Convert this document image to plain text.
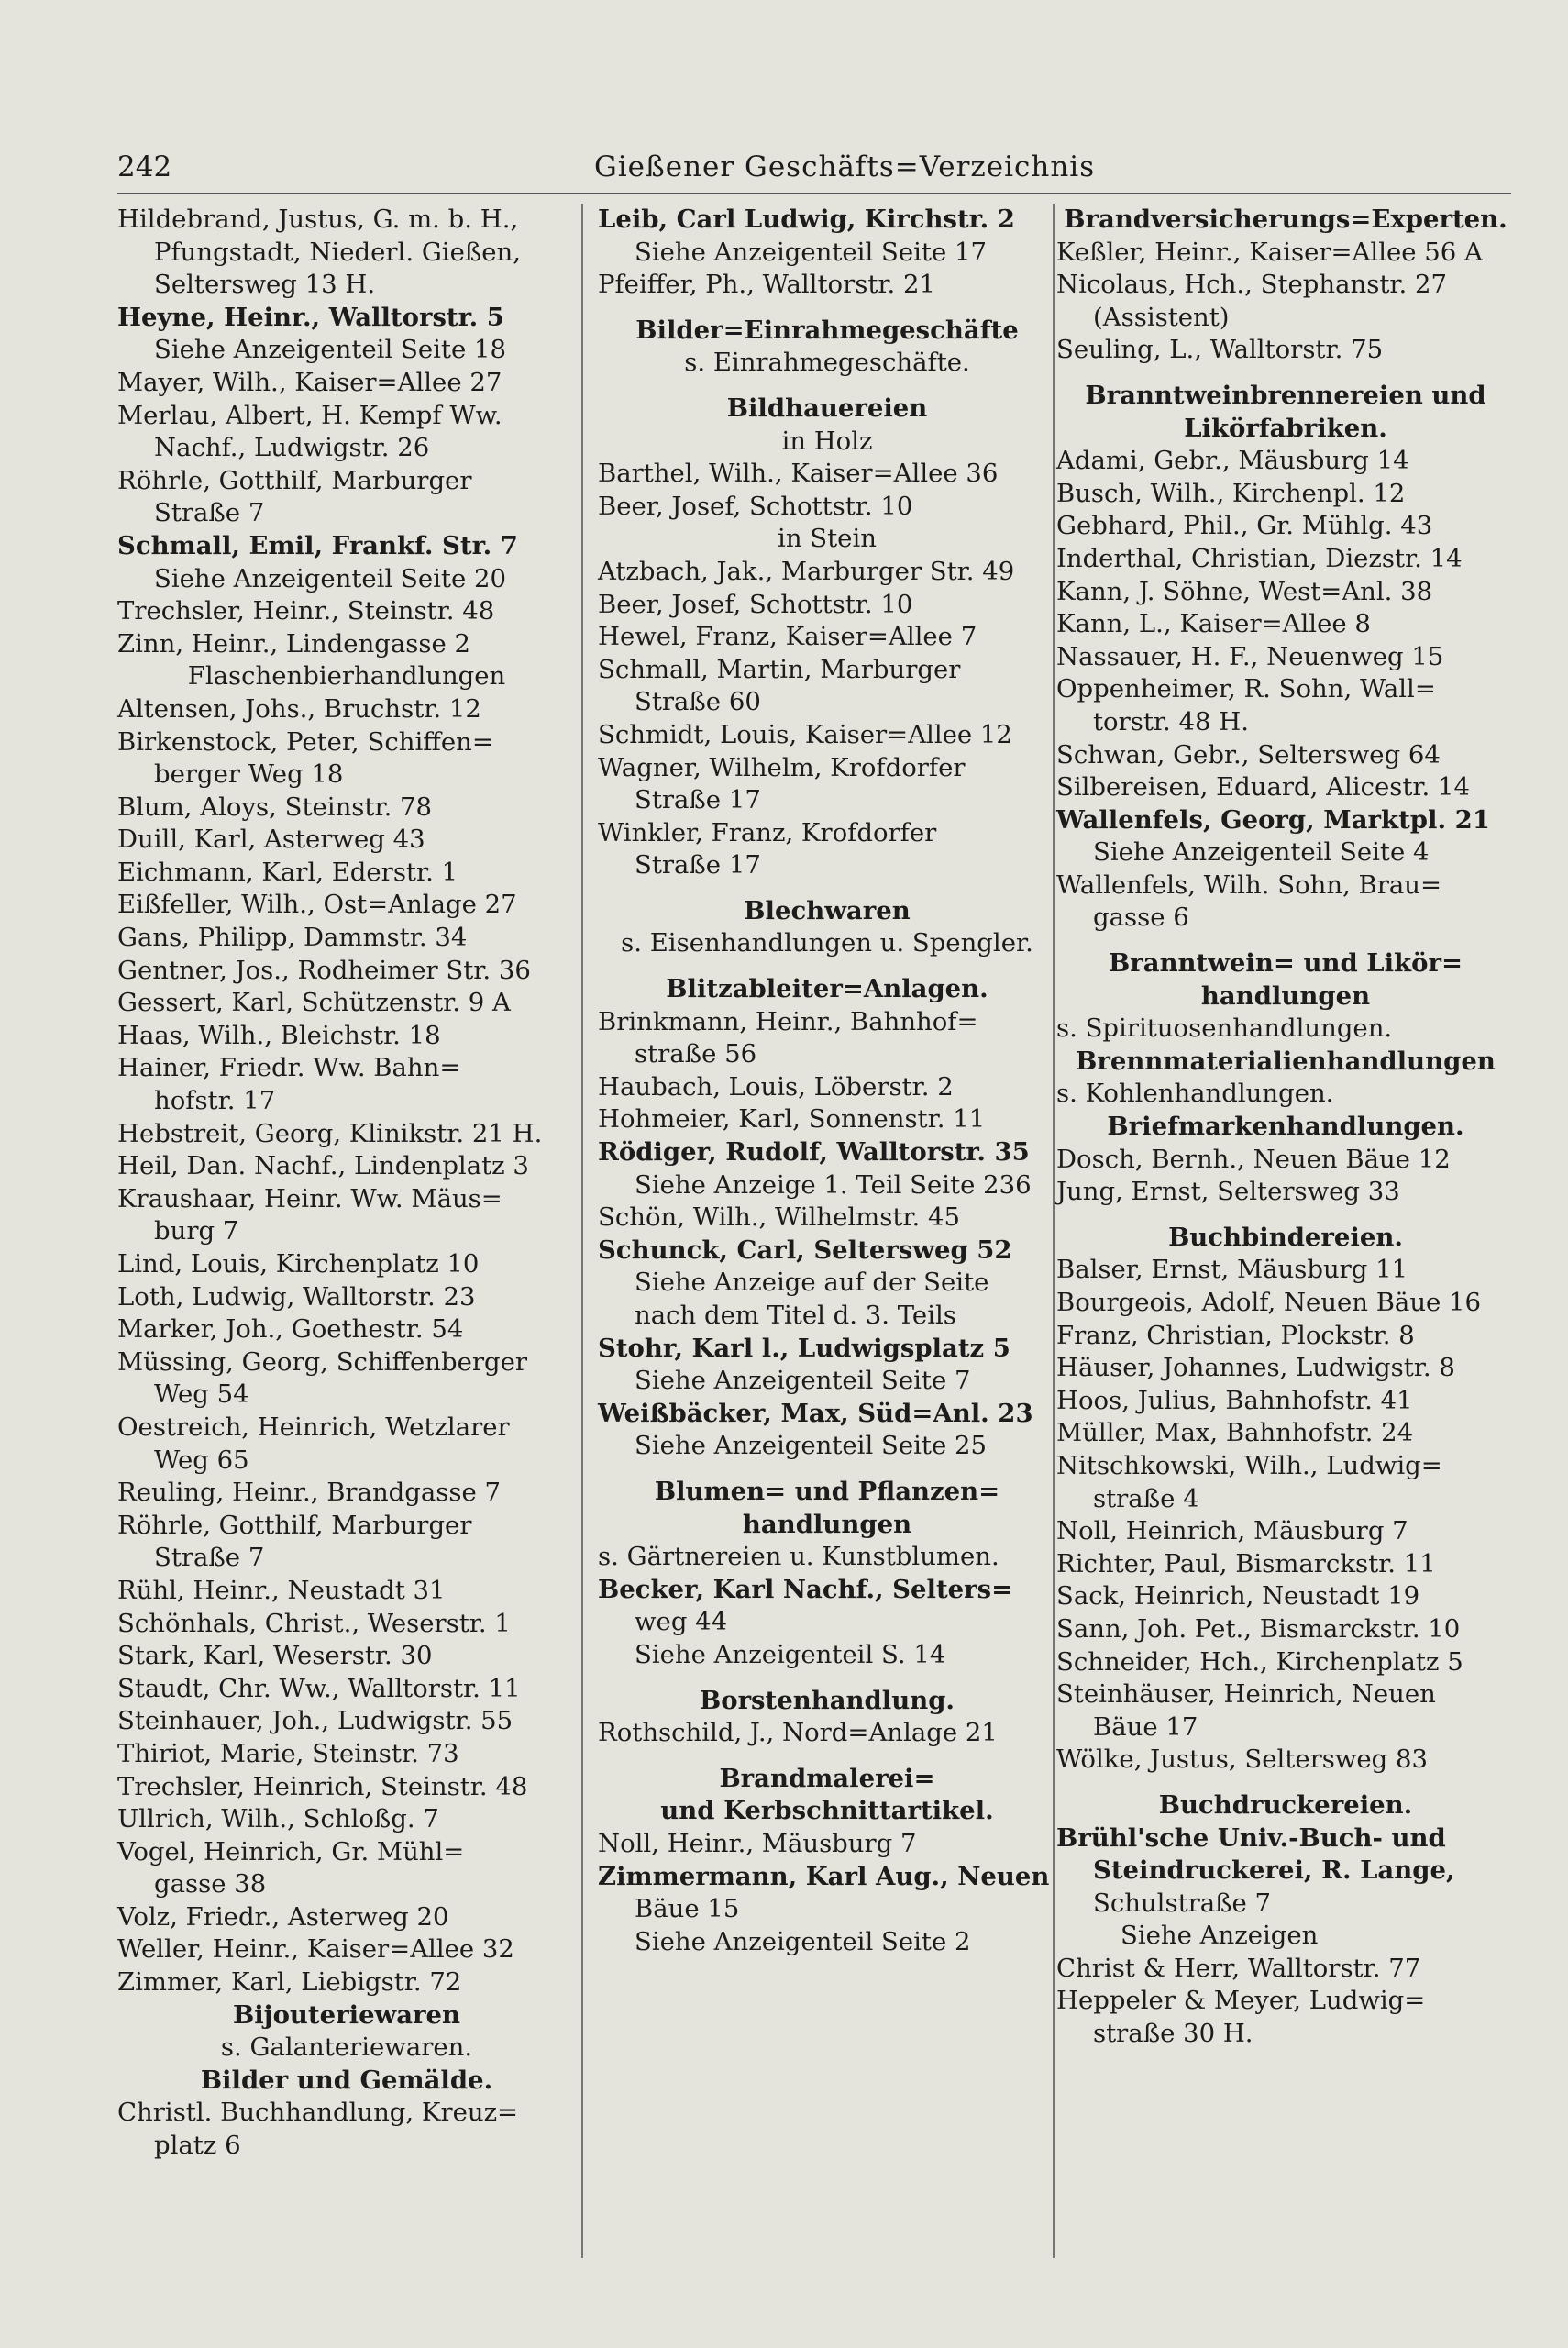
242	Gießener Geschäfts=Verzeichnis
Hildebrand, Justus, G. m. b. H.,
Pfungstadt, Niederl. Gießen,
Seltersweg 13 H.
Heyne, Heinr., Walltorstr. 5
Siehe Anzeigenteil Seite 18
Mayer, Wilh., Kaiser=Allee 27
Merlau, Albert, H. Kempf Ww.
Nachf., Ludwigstr. 26
Röhrle, Gotthilf, Marburger
Straße 7
Schmall, Emil, Frankf. Str. 7
Siehe Anzeigenteil Seite 20
Trechsler, Heinr., Steinstr. 48
Zinn, Heinr., Lindengasse 2
Flaschenbierhandlungen
Altensen, Johs., Bruchstr. 12
Birkenstock, Peter, Schiffen=
berger Weg 18
Blum, Aloys, Steinstr. 78
Duill, Karl, Asterweg 43
Eichmann, Karl, Ederstr. 1
Eißfeller, Wilh., Ost=Anlage 27
Gans, Philipp, Dammstr. 34
Gentner, Jos., Rodheimer Str. 36
Gessert, Karl, Schützenstr. 9 A
Haas, Wilh., Bleichstr. 18
Hainer, Friedr. Ww. Bahn=
hofstr. 17
Hebstreit, Georg, Klinikstr. 21 H.
Heil, Dan. Nachf., Lindenplatz 3
Kraushaar, Heinr. Ww. Mäus=
burg 7
Lind, Louis, Kirchenplatz 10
Loth, Ludwig, Walltorstr. 23
Marker, Joh., Goethestr. 54
Müssing, Georg, Schiffenberger
Weg 54
Oestreich, Heinrich, Wetzlarer
Weg 65
Reuling, Heinr., Brandgasse 7
Röhrle, Gotthilf, Marburger
Straße 7
Rühl, Heinr., Neustadt 31
Schönhals, Christ., Weserstr. 1
Stark, Karl, Weserstr. 30
Staudt, Chr. Ww., Walltorstr. 11
Steinhauer, Joh., Ludwigstr. 55
Thiriot, Marie, Steinstr. 73
Trechsler, Heinrich, Steinstr. 48
Ullrich, Wilh., Schloßg. 7
Vogel, Heinrich, Gr. Mühl=
gasse 38
Volz, Friedr., Asterweg 20
Weller, Heinr., Kaiser=Allee 32
Zimmer, Karl, Liebigstr. 72
Bijouteriewaren
s. Galanteriewaren.
Bilder und Gemälde.
Christl. Buchhandlung, Kreuz=
platz 6
Leib, Carl Ludwig, Kirchstr. 2
Siehe Anzeigenteil Seite 17
Pfeiffer, Ph., Walltorstr. 21
Bilder=Einrahmegeschäfte
s. Einrahmegeschäfte.
Bildhauereien
in Holz
Barthel, Wilh., Kaiser=Allee 36
Beer, Josef, Schottstr. 10
in Stein
Atzbach, Jak., Marburger Str. 49
Beer, Josef, Schottstr. 10
Hewel, Franz, Kaiser=Allee 7
Schmall, Martin, Marburger
Straße 60
Schmidt, Louis, Kaiser=Allee 12
Wagner, Wilhelm, Krofdorfer
Straße 17
Winkler, Franz, Krofdorfer
Straße 17
Blechwaren
s. Eisenhandlungen u. Spengler.
Blitzableiter=Anlagen.
Brinkmann, Heinr., Bahnhof=
straße 56
Haubach, Louis, Löberstr. 2
Hohmeier, Karl, Sonnenstr. 11
Rödiger, Rudolf, Walltorstr. 35
Siehe Anzeige 1. Teil Seite 236
Schön, Wilh., Wilhelmstr. 45
Schunck, Carl, Seltersweg 52
Siehe Anzeige auf der Seite
nach dem Titel d. 3. Teils
Stohr, Karl l., Ludwigsplatz 5
Siehe Anzeigenteil Seite 7
Weißbäcker, Max, Süd=Anl. 23
Siehe Anzeigenteil Seite 25
Blumen= und Pflanzen=
handlungen
s. Gärtnereien u. Kunstblumen.
Becker, Karl Nachf., Selters=
weg 44
Siehe Anzeigenteil S. 14
Borstenhandlung.
Rothschild, J., Nord=Anlage 21
Brandmalerei=
und Kerbschnittartikel.
Noll, Heinr., Mäusburg 7
Zimmermann, Karl Aug., Neuen
Bäue 15
Siehe Anzeigenteil Seite 2
Brandversicherungs=Experten.
Keßler, Heinr., Kaiser=Allee 56 A
Nicolaus, Hch., Stephanstr. 27
(Assistent)
Seuling, L., Walltorstr. 75
Branntweinbrennereien und
Likörfabriken.
Adami, Gebr., Mäusburg 14
Busch, Wilh., Kirchenpl. 12
Gebhard, Phil., Gr. Mühlg. 43
Inderthal, Christian, Diezstr. 14
Kann, J. Söhne, West=Anl. 38
Kann, L., Kaiser=Allee 8
Nassauer, H. F., Neuenweg 15
Oppenheimer, R. Sohn, Wall=
torstr. 48 H.
Schwan, Gebr., Seltersweg 64
Silbereisen, Eduard, Alicestr. 14
Wallenfels, Georg, Marktpl. 21
Siehe Anzeigenteil Seite 4
Wallenfels, Wilh. Sohn, Brau=
gasse 6
Branntwein= und Likör=
handlungen
s. Spirituosenhandlungen.
Brennmaterialienhandlungen
s. Kohlenhandlungen.
Briefmarkenhandlungen.
Dosch, Bernh., Neuen Bäue 12
Jung, Ernst, Seltersweg 33
Buchbindereien.
Balser, Ernst, Mäusburg 11
Bourgeois, Adolf, Neuen Bäue 16
Franz, Christian, Plockstr. 8
Häuser, Johannes, Ludwigstr. 8
Hoos, Julius, Bahnhofstr. 41
Müller, Max, Bahnhofstr. 24
Nitschkowski, Wilh., Ludwig=
straße 4
Noll, Heinrich, Mäusburg 7
Richter, Paul, Bismarckstr. 11
Sack, Heinrich, Neustadt 19
Sann, Joh. Pet., Bismarckstr. 10
Schneider, Hch., Kirchenplatz 5
Steinhäuser, Heinrich, Neuen
Bäue 17
Wölke, Justus, Seltersweg 83
Buchdruckereien.
Brühl'sche Univ.-Buch- und
Steindruckerei, R. Lange,
Schulstraße 7
Siehe Anzeigen
Christ & Herr, Walltorstr. 77
Heppeler & Meyer, Ludwig=
straße 30 H.
